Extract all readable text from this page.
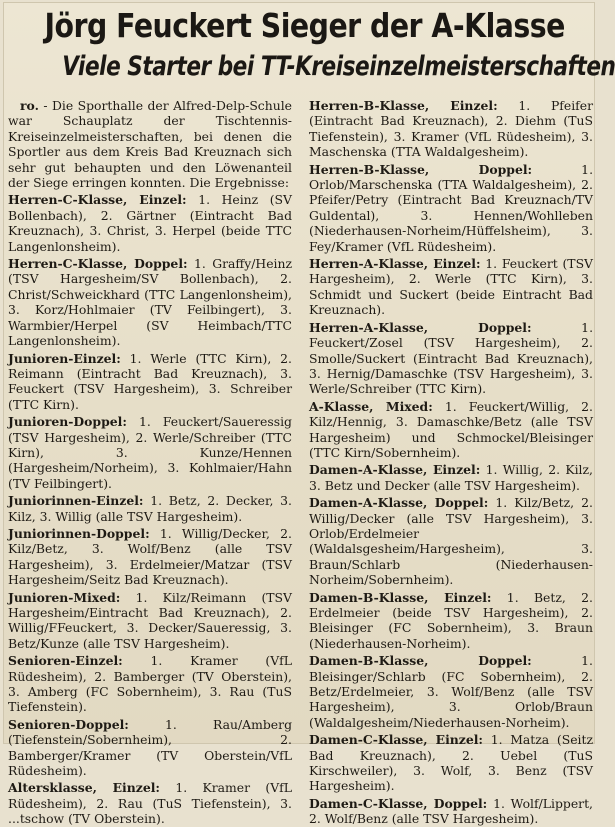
Jörg Feuckert Sieger der A-Klasse
Viele Starter bei TT-Kreiseinzelmeisterschaften

ro. - Die Sporthalle der Alfred-Delp-Schule war Schauplatz der Tischtennis-Kreiseinzelmeisterschaften, bei denen die Sportler aus dem Kreis Bad Kreuznach sich sehr gut behaupten und den Löwenanteil der Siege erringen konnten. Die Ergebnisse:

Herren-C-Klasse, Einzel: 1. Heinz (SV Bollenbach), 2. Gärtner (Eintracht Bad Kreuznach), 3. Christ, 3. Herpel (beide TTC Langenlonsheim).

Herren-C-Klasse, Doppel: 1. Graffy/Heinz (TSV Hargesheim/SV Bollenbach), 2. Christ/Schweickhard (TTC Langenlonsheim), 3. Korz/Hohlmaier (TV Feilbingert), 3. Warmbier/Herpel (SV Heimbach/TTC Langenlonsheim).

Junioren-Einzel: 1. Werle (TTC Kirn), 2. Reimann (Eintracht Bad Kreuznach), 3. Feuckert (TSV Hargesheim), 3. Schreiber (TTC Kirn).

Junioren-Doppel: 1. Feuckert/Saueressig (TSV Hargesheim), 2. Werle/Schreiber (TTC Kirn), 3. Kunze/Hennen (Hargesheim/Norheim), 3. Kohlmaier/Hahn (TV Feilbingert).

Juniorinnen-Einzel: 1. Betz, 2. Decker, 3. Kilz, 3. Willig (alle TSV Hargesheim).

Juniorinnen-Doppel: 1. Willig/Decker, 2. Kilz/Betz, 3. Wolf/Benz (alle TSV Hargesheim), 3. Erdelmeier/Matzar (TSV Hargesheim/Seitz Bad Kreuznach).

Junioren-Mixed: 1. Kilz/Reimann (TSV Hargesheim/Eintracht Bad Kreuznach), 2. Willig/FFeuckert, 3. Decker/Saueressig, 3. Betz/Kunze (alle TSV Hargesheim).

Senioren-Einzel: 1. Kramer (VfL Rüdesheim), 2. Bamberger (TV Oberstein), 3. Amberg (FC Sobernheim), 3. Rau (TuS Tiefenstein).

Senioren-Doppel: 1. Rau/Amberg (Tiefenstein/Sobernheim), 2. Bamberger/Kramer (TV Oberstein/VfL Rüdesheim).

Altersklasse, Einzel: 1. Kramer (VfL Rüdesheim), 2. Rau (TuS Tiefenstein), 3. ...tschow (TV Oberstein).

Herren-B-Klasse, Einzel: 1. Pfeifer (Eintracht Bad Kreuznach), 2. Diehm (TuS Tiefenstein), 3. Kramer (VfL Rüdesheim), 3. Maschenska (TTA Waldalgesheim).

Herren-B-Klasse, Doppel: 1. Orlob/Marschenska (TTA Waldalgesheim), 2. Pfeifer/Petry (Eintracht Bad Kreuznach/TV Guldental), 3. Hennen/Wohlleben (Niederhausen-Norheim/Hüffelsheim), 3. Fey/Kramer (VfL Rüdesheim).

Herren-A-Klasse, Einzel: 1. Feuckert (TSV Hargesheim), 2. Werle (TTC Kirn), 3. Schmidt und Suckert (beide Eintracht Bad Kreuznach).

Herren-A-Klasse, Doppel: 1. Feuckert/Zosel (TSV Hargesheim), 2. Smolle/Suckert (Eintracht Bad Kreuznach), 3. Hernig/Damaschke (TSV Hargesheim), 3. Werle/Schreiber (TTC Kirn).

A-Klasse, Mixed: 1. Feuckert/Willig, 2. Kilz/Hennig, 3. Damaschke/Betz (alle TSV Hargesheim) und Schmockel/Bleisinger (TTC Kirn/Sobernheim).

Damen-A-Klasse, Einzel: 1. Willig, 2. Kilz, 3. Betz und Decker (alle TSV Hargesheim).

Damen-A-Klasse, Doppel: 1. Kilz/Betz, 2. Willig/Decker (alle TSV Hargesheim), 3. Orlob/Erdelmeier (Waldalsgesheim/Hargesheim), 3. Braun/Schlarb (Niederhausen-Norheim/Sobernheim).

Damen-B-Klasse, Einzel: 1. Betz, 2. Erdelmeier (beide TSV Hargesheim), 2. Bleisinger (FC Sobernheim), 3. Braun (Niederhausen-Norheim).

Damen-B-Klasse, Doppel: 1. Bleisinger/Schlarb (FC Sobernheim), 2. Betz/Erdelmeier, 3. Wolf/Benz (alle TSV Hargesheim), 3. Orlob/Braun (Waldalgesheim/Niederhausen-Norheim).

Damen-C-Klasse, Einzel: 1. Matza (Seitz Bad Kreuznach), 2. Uebel (TuS Kirschweiler), 3. Wolf, 3. Benz (TSV Hargesheim).

Damen-C-Klasse, Doppel: 1. Wolf/Lippert, 2. Wolf/Benz (alle TSV Hargesheim).
